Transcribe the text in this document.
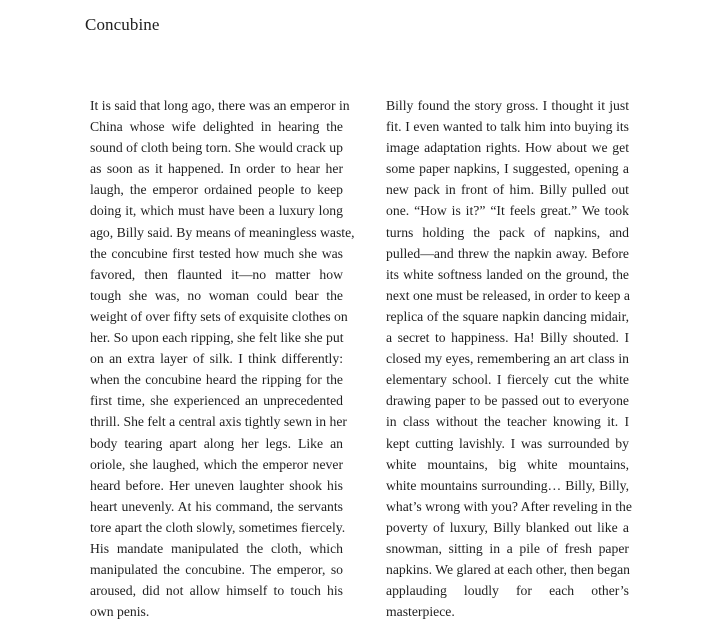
Concubine
It is said that long ago, there was an emperor in
China whose wife delighted in hearing the
sound of cloth being torn. She would crack up
as soon as it happened. In order to hear her
laugh, the emperor ordained people to keep
doing it, which must have been a luxury long
ago, Billy said. By means of meaningless waste,
the concubine first tested how much she was
favored, then flaunted it—no matter how
tough she was, no woman could bear the
weight of over fifty sets of exquisite clothes on
her. So upon each ripping, she felt like she put
on an extra layer of silk. I think differently:
when the concubine heard the ripping for the
first time, she experienced an unprecedented
thrill. She felt a central axis tightly sewn in her
body tearing apart along her legs. Like an
oriole, she laughed, which the emperor never
heard before. Her uneven laughter shook his
heart unevenly. At his command, the servants
tore apart the cloth slowly, sometimes fiercely.
His mandate manipulated the cloth, which
manipulated the concubine. The emperor, so
aroused, did not allow himself to touch his
own penis.
Billy found the story gross. I thought it just
fit. I even wanted to talk him into buying its
image adaptation rights. How about we get
some paper napkins, I suggested, opening a
new pack in front of him. Billy pulled out
one. “How is it?” “It feels great.” We took
turns holding the pack of napkins, and
pulled—and threw the napkin away. Before
its white softness landed on the ground, the
next one must be released, in order to keep a
replica of the square napkin dancing midair,
a secret to happiness. Ha! Billy shouted. I
closed my eyes, remembering an art class in
elementary school. I fiercely cut the white
drawing paper to be passed out to everyone
in class without the teacher knowing it. I
kept cutting lavishly. I was surrounded by
white mountains, big white mountains,
white mountains surrounding… Billy, Billy,
what’s wrong with you? After reveling in the
poverty of luxury, Billy blanked out like a
snowman, sitting in a pile of fresh paper
napkins. We glared at each other, then began
applauding loudly for each other’s
masterpiece.
